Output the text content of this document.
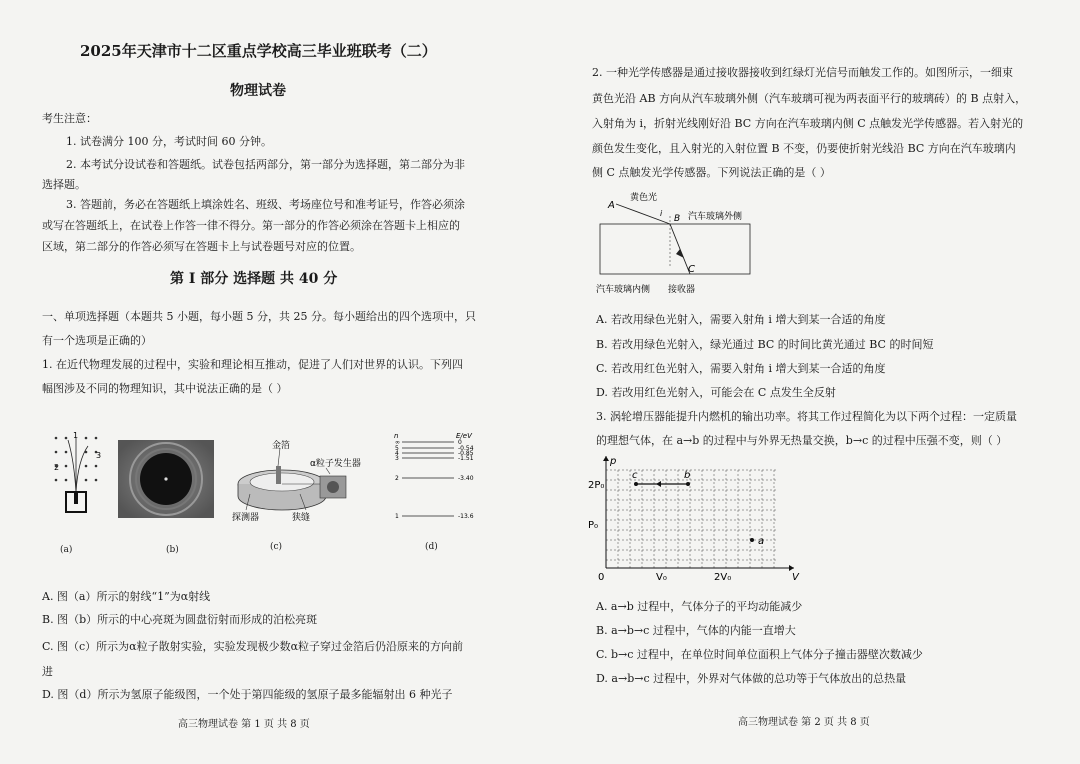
2025年天津市十二区重点学校高三毕业班联考（二）
物理试卷
考生注意：
1. 试卷满分 100 分，考试时间 60 分钟。
2. 本考试分设试卷和答题纸。试卷包括两部分，第一部分为选择题，第二部分为非
选择题。
3. 答题前，务必在答题纸上填涂姓名、班级、考场座位号和准考证号，作答必须涂
或写在答题纸上，在试卷上作答一律不得分。第一部分的作答必须涂在答题卡上相应的
区域，第二部分的作答必须写在答题卡上与试卷题号对应的位置。
第 I 部分 选择题 共 40 分
一、单项选择题（本题共 5 小题，每小题 5 分，共 25 分。每小题给出的四个选项中，只
有一个选项是正确的）
1. 在近代物理发展的过程中，实验和理论相互推动，促进了人们对世界的认识。下列四
幅图涉及不同的物理知识，其中说法正确的是（ ）
1
2
3
(a)	(b)
金箔
α粒子发生器
探测器	狭缝
(c)
n	E/eV
∞	0
5	-0.54
4	-0.85
3	-1.51
2	-3.40
1	-13.6
(d)
A. 图（a）所示的射线“1”为α射线
B. 图（b）所示的中心亮斑为圆盘衍射而形成的泊松亮斑
C. 图（c）所示为α粒子散射实验，实验发现极少数α粒子穿过金箔后仍沿原来的方向前
进
D. 图（d）所示为氢原子能级图，一个处于第四能级的氢原子最多能辐射出 6 种光子
高三物理试卷 第 1 页 共 8 页
2. 一种光学传感器是通过接收器接收到红绿灯光信号而触发工作的。如图所示，一细束
黄色光沿 AB 方向从汽车玻璃外侧（汽车玻璃可视为两表面平行的玻璃砖）的 B 点射入，
入射角为 i，折射光线刚好沿 BC 方向在汽车玻璃内侧 C 点触发光学传感器。若入射光的
颜色发生变化，且入射光的入射位置 B 不变，仍要使折射光线沿 BC 方向在汽车玻璃内
侧 C 点触发光学传感器。下列说法正确的是（ ）
A
黄色光
i
B 汽车玻璃外侧
C
汽车玻璃内侧 接收器
A. 若改用绿色光射入，需要入射角 i 增大到某一合适的角度
B. 若改用绿色光射入，绿光通过 BC 的时间比黄光通过 BC 的时间短
C. 若改用红色光射入，需要入射角 i 增大到某一合适的角度
D. 若改用红色光射入，可能会在 C 点发生全反射
3. 涡轮增压器能提升内燃机的输出功率。将其工作过程简化为以下两个过程：一定质量
的理想气体，在 a→b 的过程中与外界无热量交换，b→c 的过程中压强不变，则（ ）
p
V
0
2P₀
P₀
V₀	2V₀
a
b
c
A. a→b 过程中，气体分子的平均动能减少
B. a→b→c 过程中，气体的内能一直增大
C. b→c 过程中，在单位时间单位面积上气体分子撞击器壁次数减少
D. a→b→c 过程中，外界对气体做的总功等于气体放出的总热量
高三物理试卷 第 2 页 共 8 页
